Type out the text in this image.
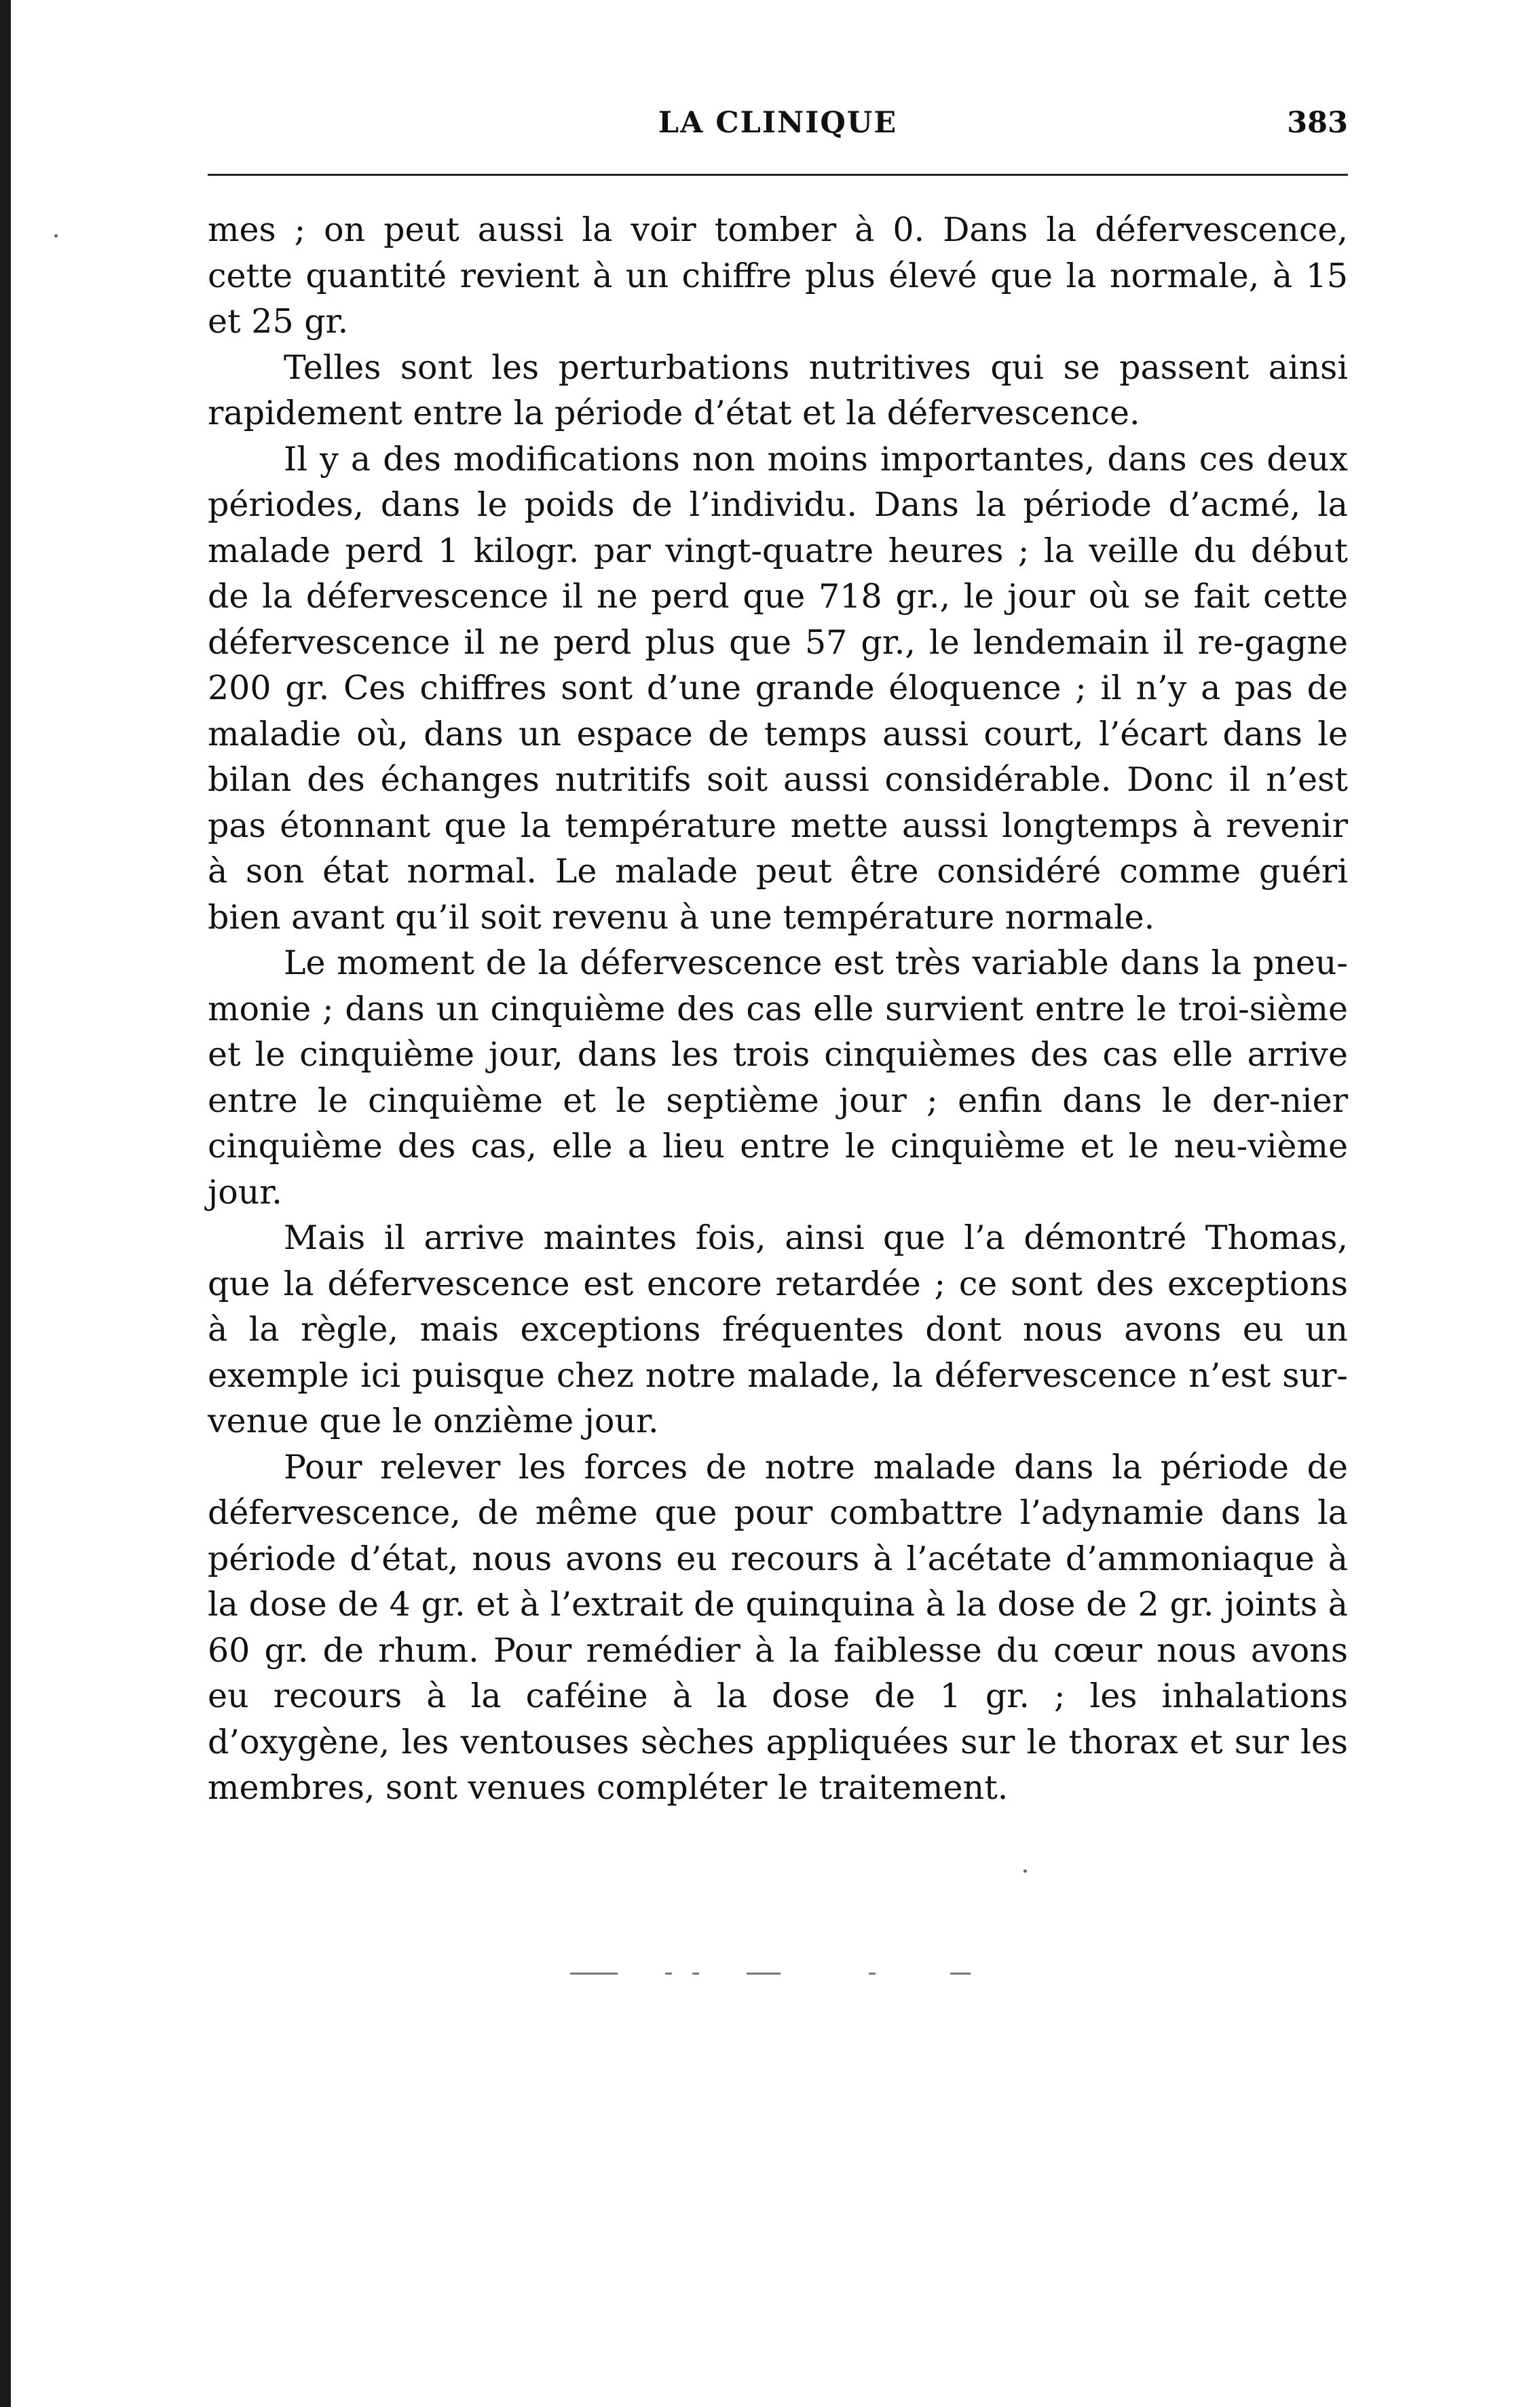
LA CLINIQUE	383

mes ; on peut aussi la voir tomber à 0. Dans la défervescence, cette quantité revient à un chiffre plus élevé que la normale, à 15 et 25 gr.

Telles sont les perturbations nutritives qui se passent ainsi rapidement entre la période d’état et la défervescence.

Il y a des modifications non moins importantes, dans ces deux périodes, dans le poids de l’individu. Dans la période d’acmé, la malade perd 1 kilogr. par vingt-quatre heures ; la veille du début de la défervescence il ne perd que 718 gr., le jour où se fait cette défervescence il ne perd plus que 57 gr., le lendemain il re-gagne 200 gr. Ces chiffres sont d’une grande éloquence ; il n’y a pas de maladie où, dans un espace de temps aussi court, l’écart dans le bilan des échanges nutritifs soit aussi considérable. Donc il n’est pas étonnant que la température mette aussi longtemps à revenir à son état normal. Le malade peut être considéré comme guéri bien avant qu’il soit revenu à une température normale.

Le moment de la défervescence est très variable dans la pneu-monie ; dans un cinquième des cas elle survient entre le troi-sième et le cinquième jour, dans les trois cinquièmes des cas elle arrive entre le cinquième et le septième jour ; enfin dans le der-nier cinquième des cas, elle a lieu entre le cinquième et le neu-vième jour.

Mais il arrive maintes fois, ainsi que l’a démontré Thomas, que la défervescence est encore retardée ; ce sont des exceptions à la règle, mais exceptions fréquentes dont nous avons eu un exemple ici puisque chez notre malade, la défervescence n’est sur-venue que le onzième jour.

Pour relever les forces de notre malade dans la période de défervescence, de même que pour combattre l’adynamie dans la période d’état, nous avons eu recours à l’acétate d’ammoniaque à la dose de 4 gr. et à l’extrait de quinquina à la dose de 2 gr. joints à 60 gr. de rhum. Pour remédier à la faiblesse du cœur nous avons eu recours à la caféine à la dose de 1 gr. ; les inhalations d’oxygène, les ventouses sèches appliquées sur le thorax et sur les membres, sont venues compléter le traitement.
